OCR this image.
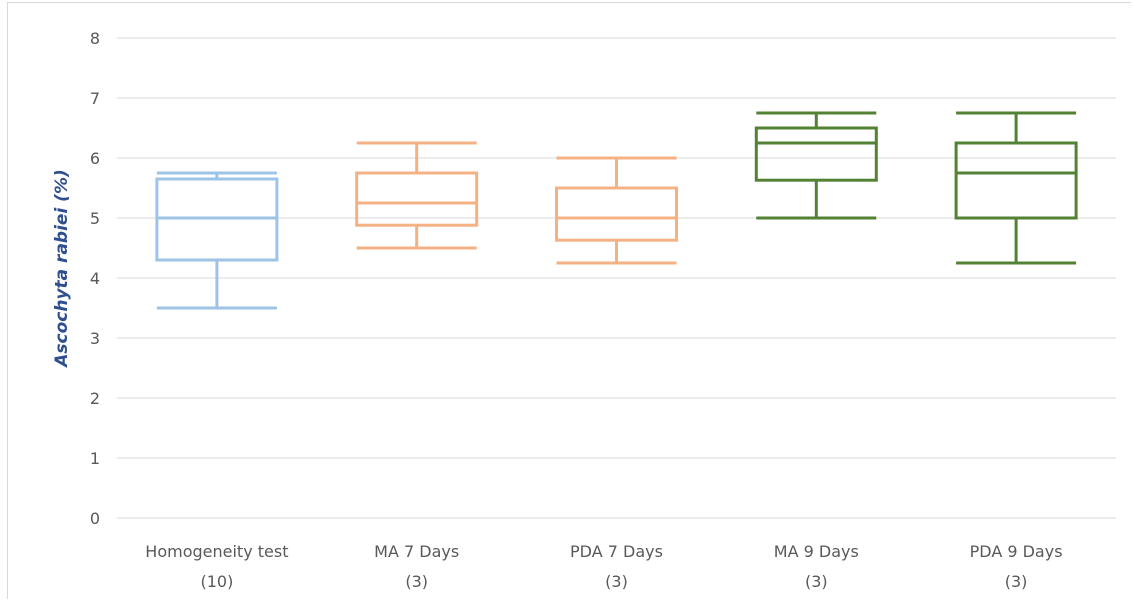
0
1
2
3
4
5
6
7
8
Homogeneity test
(10)
MA 7 Days
(3)
PDA 7 Days
(3)
MA 9 Days
(3)
PDA 9 Days
(3)
Ascochyta rabiei (%)
